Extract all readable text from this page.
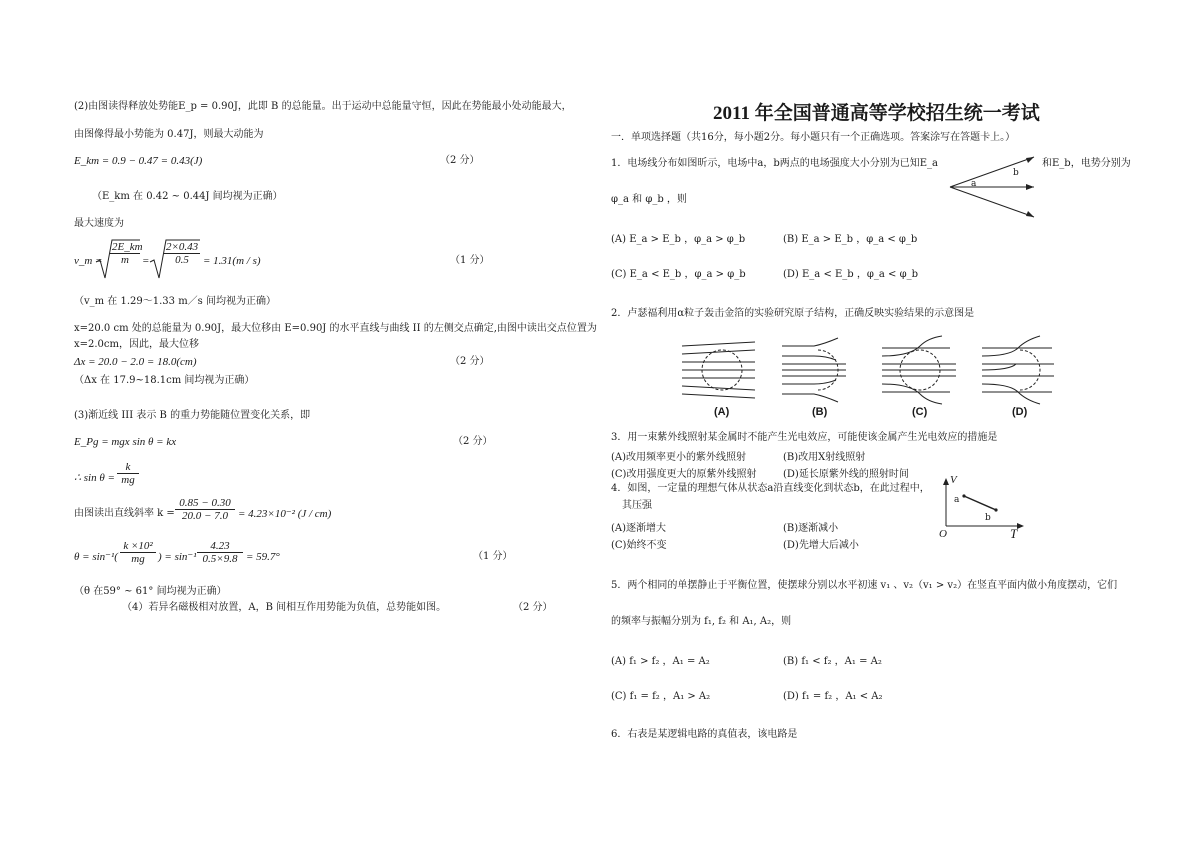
(2)由图读得释放处势能E_p = 0.90J，此即 B 的总能量。出于运动中总能量守恒，因此在势能最小处动能最大，
由图像得最小势能为 0.47J，则最大动能为
E_km = 0.9 − 0.47 = 0.43(J)	（2 分）
（E_km 在 0.42 ~ 0.44J 间均视为正确）
最大速度为
v_m = $\frac{2E\_km}{m} = \frac{2\times 0.43}{0.5} = 1.31(m / s)$	（1 分）
（v_m 在 1.29～1.33 m／s 间均视为正确）
x=20.0 cm 处的总能量为 0.90J，最大位移由 E=0.90J 的水平直线与曲线 II 的左侧交点确定,由图中读出交点位置为
x=2.0cm，因此，最大位移
Δx = 20.0 − 2.0 = 18.0(cm)	（2 分）
（Δx 在 17.9~18.1cm 间均视为正确）
(3)渐近线 III 表示 B 的重力势能随位置变化关系，即
E_Pg = mgx sin θ = kx	（2 分）
∴ $\sin \theta = \frac{k}{mg}$
由图读出直线斜率 $k = \frac{0.85 - 0.30}{20.0 - 7.0} = 4.23\times 10^{-2}$ (J / cm)
$\theta = \sin^{-1}( \frac{\text{k ×10²}}{mg}$ ) = $\sin^{-1} \frac{4.23}{0.5\times 9.8} = 59.7^\circ$	（1 分）
（θ 在59° ~ 61° 间均视为正确）
（4）若异名磁极相对放置，A，B 间相互作用势能为负值，总势能如图。	（2 分）
2011 年全国普通高等学校招生统一考试
一．单项选择题（共16分，每小题2分。每小题只有一个正确选项。答案涂写在答题卡上。）
1．电场线分布如图昕示，电场中a，b两点的电场强度大小分别为已知E_a
a
b
和E_b，电势分别为
φ_a 和 φ_b ，则
(A) E_a > E_b ，φ_a > φ_b	(B) E_a > E_b ，φ_a < φ_b
(C) E_a < E_b ，φ_a > φ_b	(D) E_a < E_b ，φ_a < φ_b
2．卢瑟福利用α粒子轰击金箔的实验研究原子结构，正确反映实验结果的示意图是
(A)	(B)	(C)	(D)
3．用一束紫外线照射某金属时不能产生光电效应，可能使该金属产生光电效应的措施是
(A)改用频率更小的紫外线照射	(B)改用X射线照射
(C)改用强度更大的原紫外线照射	(D)延长原紫外线的照射时间
4．如图，一定量的理想气体从状态a沿直线变化到状态b，在此过程中，
其压强
(A)逐渐增大	(B)逐渐减小
(C)始终不变	(D)先增大后减小
V
T
O
a
b
5．两个相同的单摆静止于平衡位置，使摆球分别以水平初速 v₁ 、v₂（v₁ > v₂）在竖直平面内做小角度摆动，它们
的频率与振幅分别为 f₁, f₂ 和 A₁, A₂，则
(A) f₁ > f₂ ，A₁ = A₂	(B) f₁ < f₂ ，A₁ = A₂
(C) f₁ = f₂ ，A₁ > A₂	(D) f₁ = f₂ ，A₁ < A₂
6．右表是某逻辑电路的真值表，该电路是
